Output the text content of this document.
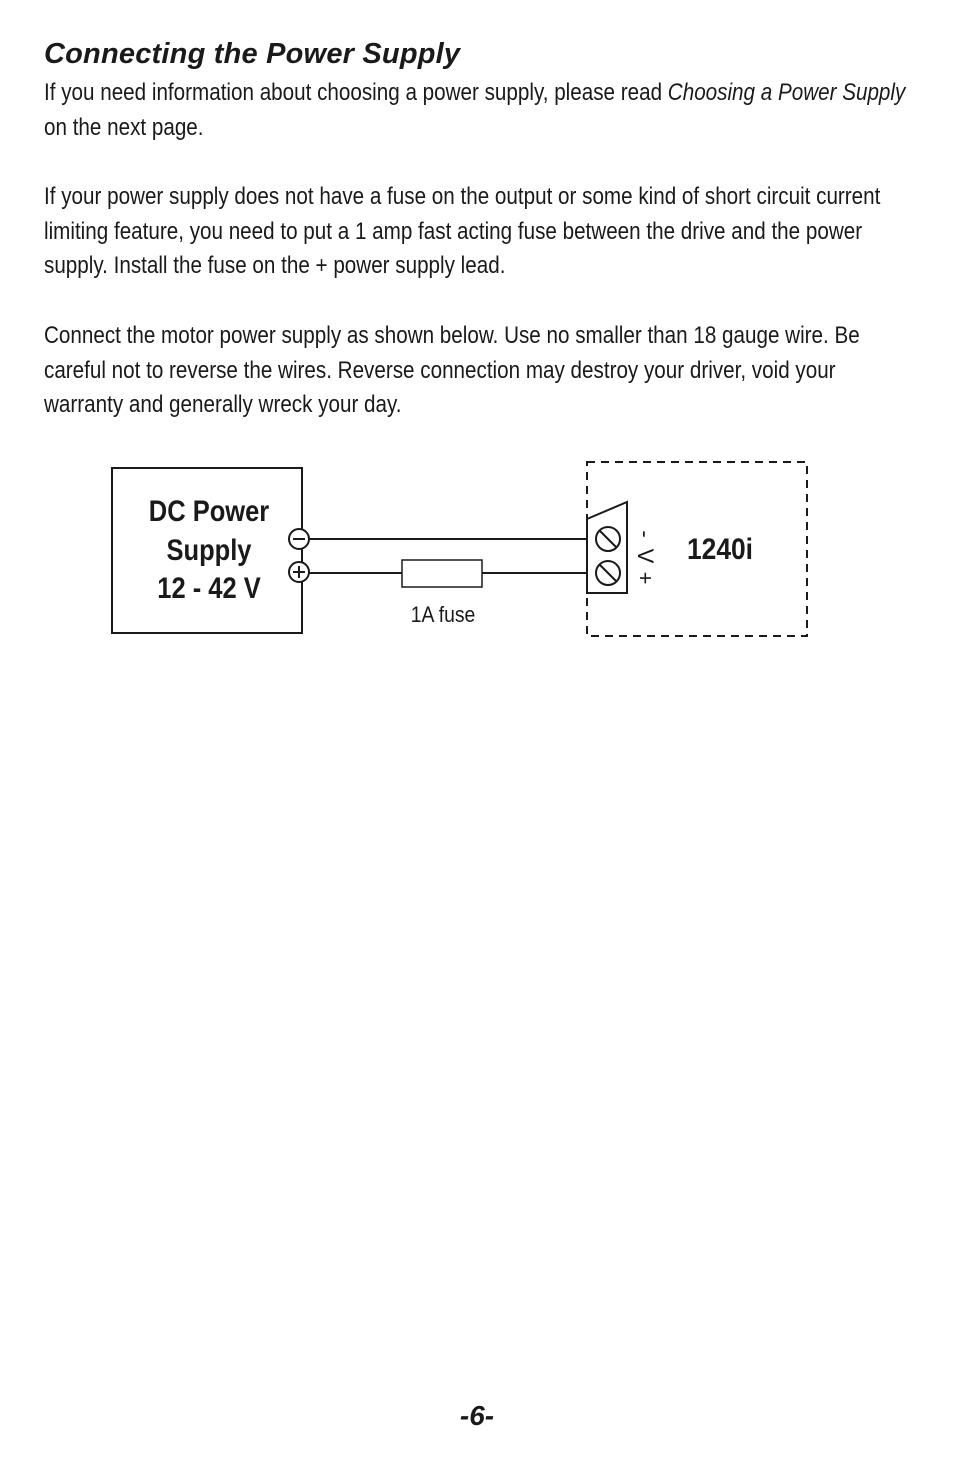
Connecting the Power Supply

If you need information about choosing a power supply, please read Choosing a Power Supply on the next page.

If your power supply does not have a fuse on the output or some kind of short circuit current limiting feature, you need to put a 1 amp fast acting fuse between the drive and the power supply. Install the fuse on the + power supply lead.

Connect the motor power supply as shown below. Use no smaller than 18 gauge wire. Be careful not to reverse the wires. Reverse connection may destroy your driver, void your warranty and generally wreck your day.

DC Power
Supply
12 - 42 V
1A fuse
-
V
+
1240i
-6-
